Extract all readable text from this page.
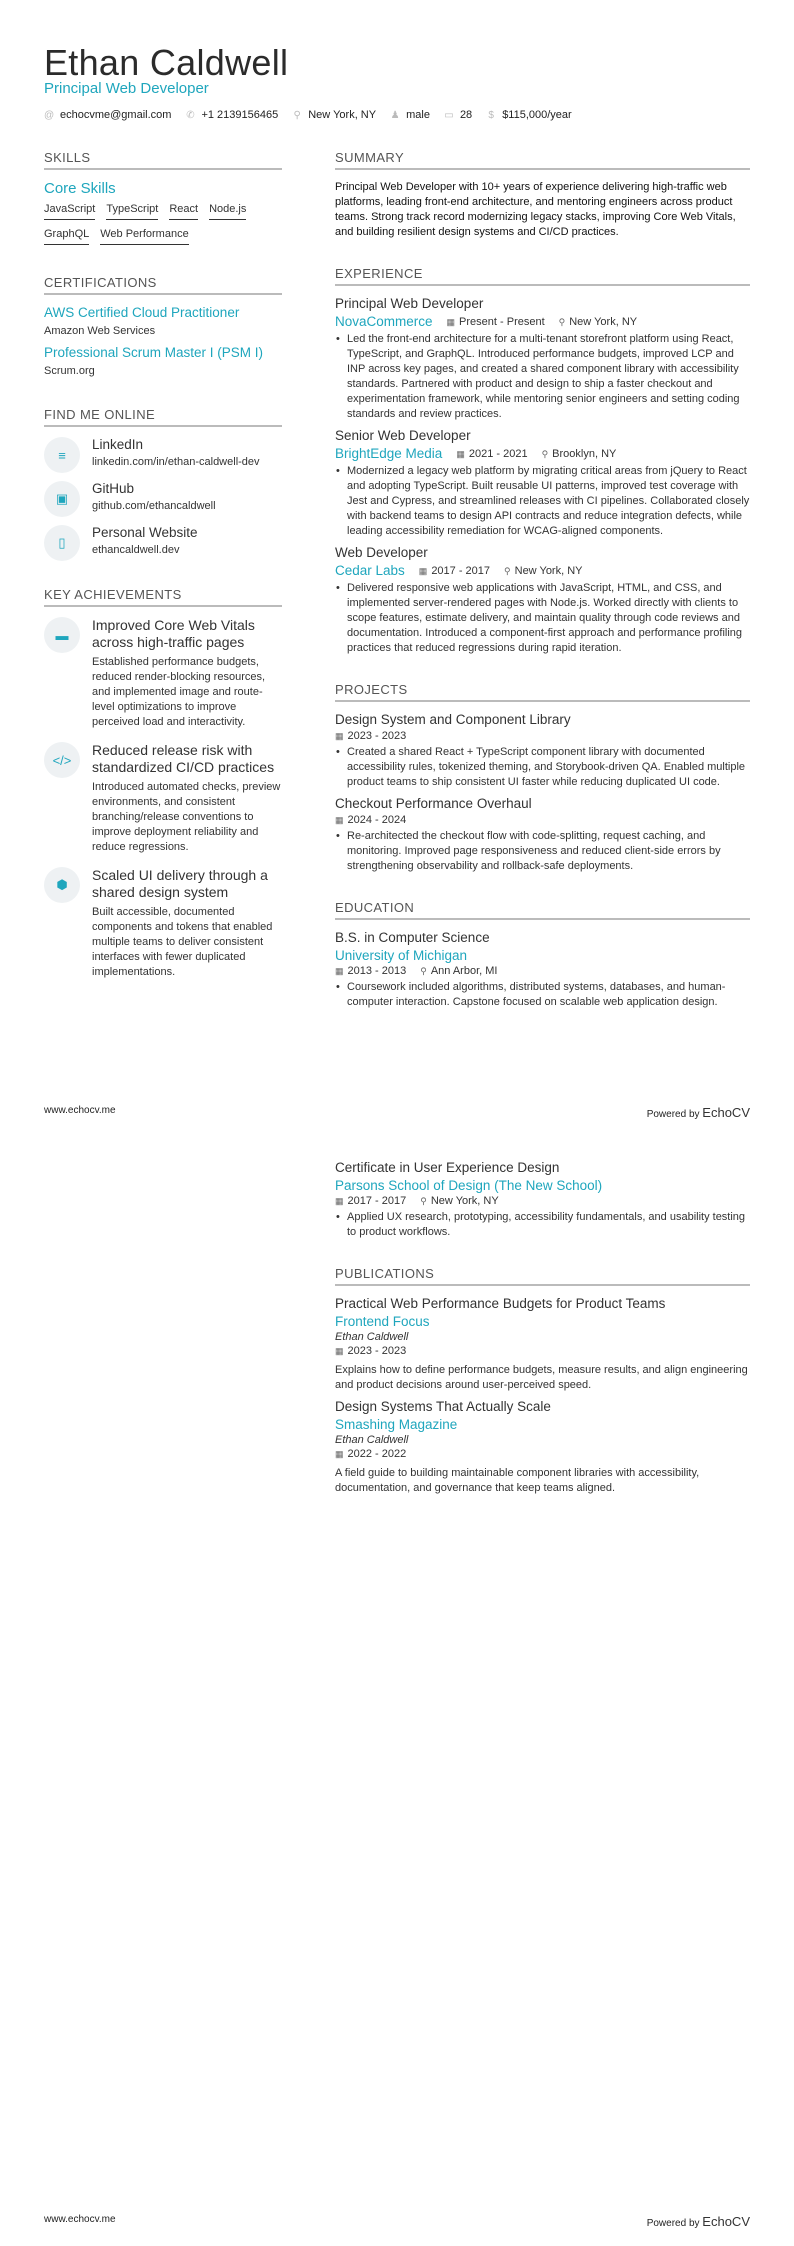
Ethan Caldwell
Principal Web Developer
@ echocvme@gmail.com ✆ +1 2139156465 ⚲ New York, NY ♟ male ▭ 28 $ $115,000/year
SKILLS
Core Skills
JavaScript TypeScript React Node.js
GraphQL Web Performance
CERTIFICATIONS
AWS Certified Cloud Practitioner
Amazon Web Services
Professional Scrum Master I (PSM I)
Scrum.org
FIND ME ONLINE
≡
LinkedIn
linkedin.com/in/ethan-caldwell-dev
▣
GitHub
github.com/ethancaldwell
▯
Personal Website
ethancaldwell.dev
KEY ACHIEVEMENTS
▬
Improved Core Web Vitals across high-traffic pages
Established performance budgets, reduced render-blocking resources, and implemented image and route-level optimizations to improve perceived load and interactivity.
</>
Reduced release risk with standardized CI/CD practices
Introduced automated checks, preview environments, and consistent branching/release conventions to improve deployment reliability and reduce regressions.
⬢
Scaled UI delivery through a shared design system
Built accessible, documented components and tokens that enabled multiple teams to deliver consistent interfaces with fewer duplicated implementations.
SUMMARY
Principal Web Developer with 10+ years of experience delivering high-traffic web platforms, leading front-end architecture, and mentoring engineers across product teams. Strong track record modernizing legacy stacks, improving Core Web Vitals, and building resilient design systems and CI/CD practices.
EXPERIENCE
Principal Web Developer
NovaCommerce ▦ Present - Present ⚲ New York, NY
• Led the front-end architecture for a multi-tenant storefront platform using React, TypeScript, and GraphQL. Introduced performance budgets, improved LCP and INP across key pages, and created a shared component library with accessibility standards. Partnered with product and design to ship a faster checkout and experimentation framework, while mentoring senior engineers and setting coding standards and review practices.
Senior Web Developer
BrightEdge Media ▦ 2021 - 2021 ⚲ Brooklyn, NY
• Modernized a legacy web platform by migrating critical areas from jQuery to React and adopting TypeScript. Built reusable UI patterns, improved test coverage with Jest and Cypress, and streamlined releases with CI pipelines. Collaborated closely with backend teams to design API contracts and reduce integration defects, while leading accessibility remediation for WCAG-aligned components.
Web Developer
Cedar Labs ▦ 2017 - 2017 ⚲ New York, NY
• Delivered responsive web applications with JavaScript, HTML, and CSS, and implemented server-rendered pages with Node.js. Worked directly with clients to scope features, estimate delivery, and maintain quality through code reviews and documentation. Introduced a component-first approach and performance profiling practices that reduced regressions during rapid iteration.
PROJECTS
Design System and Component Library
▦ 2023 - 2023
• Created a shared React + TypeScript component library with documented accessibility rules, tokenized theming, and Storybook-driven QA. Enabled multiple product teams to ship consistent UI faster while reducing duplicated UI code.
Checkout Performance Overhaul
▦ 2024 - 2024
• Re-architected the checkout flow with code-splitting, request caching, and monitoring. Improved page responsiveness and reduced client-side errors by strengthening observability and rollback-safe deployments.
EDUCATION
B.S. in Computer Science
University of Michigan
▦ 2013 - 2013 ⚲ Ann Arbor, MI
• Coursework included algorithms, distributed systems, databases, and human-computer interaction. Capstone focused on scalable web application design.
www.echocv.me	Powered by EchoCV
Certificate in User Experience Design
Parsons School of Design (The New School)
▦ 2017 - 2017 ⚲ New York, NY
• Applied UX research, prototyping, accessibility fundamentals, and usability testing to product workflows.
PUBLICATIONS
Practical Web Performance Budgets for Product Teams
Frontend Focus
Ethan Caldwell
▦ 2023 - 2023
Explains how to define performance budgets, measure results, and align engineering and product decisions around user-perceived speed.
Design Systems That Actually Scale
Smashing Magazine
Ethan Caldwell
▦ 2022 - 2022
A field guide to building maintainable component libraries with accessibility, documentation, and governance that keep teams aligned.
www.echocv.me	Powered by EchoCV
